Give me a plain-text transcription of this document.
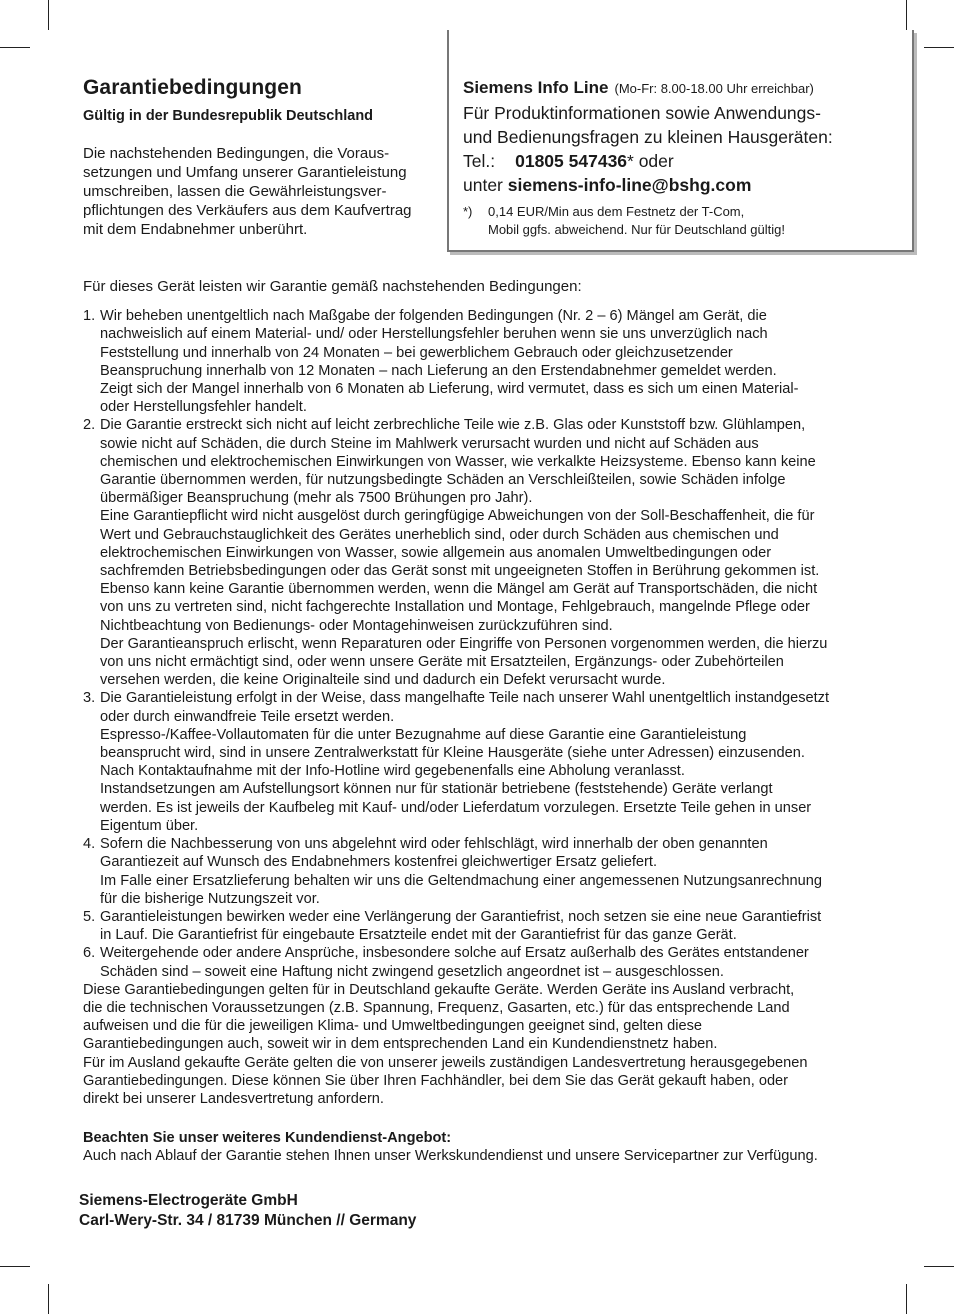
Garantiebedingungen

Gültig in der Bundesrepublik Deutschland

Die nachstehenden Bedingungen, die Voraus-
setzungen und Umfang unserer Garantieleistung
umschreiben, lassen die Gewährleistungsver-
pflichtungen des Verkäufers aus dem Kaufvertrag
mit dem Endabnehmer unberührt.

Siemens Info Line (Mo-Fr: 8.00-18.00 Uhr erreichbar)

Für Produktinformationen sowie Anwendungs-
und Bedienungsfragen zu kleinen Hausgeräten:

Tel.: 01805 547436* oder

unter siemens-info-line@bshg.com

*)	0,14 EUR/Min aus dem Festnetz der T-Com,
Mobil ggfs. abweichend. Nur für Deutschland gültig!

Für dieses Gerät leisten wir Garantie gemäß nachstehenden Bedingungen:

1. Wir beheben unentgeltlich nach Maßgabe der folgenden Bedingungen (Nr. 2 – 6) Mängel am Gerät, die
nachweislich auf einem Material- und/ oder Herstellungsfehler beruhen wenn sie uns unverzüglich nach
Feststellung und innerhalb von 24 Monaten – bei gewerblichem Gebrauch oder gleichzusetzender
Beanspruchung innerhalb von 12 Monaten – nach Lieferung an den Erstendabnehmer gemeldet werden.
Zeigt sich der Mangel innerhalb von 6 Monaten ab Lieferung, wird vermutet, dass es sich um einen Material-
oder Herstellungsfehler handelt.
2. Die Garantie erstreckt sich nicht auf leicht zerbrechliche Teile wie z.B. Glas oder Kunststoff bzw. Glühlampen,
sowie nicht auf Schäden, die durch Steine im Mahlwerk verursacht wurden und nicht auf Schäden aus
chemischen und elektrochemischen Einwirkungen von Wasser, wie verkalkte Heizsysteme. Ebenso kann keine
Garantie übernommen werden, für nutzungsbedingte Schäden an Verschleißteilen, sowie Schäden infolge
übermäßiger Beanspruchung (mehr als 7500 Brühungen pro Jahr).
Eine Garantiepflicht wird nicht ausgelöst durch geringfügige Abweichungen von der Soll-Beschaffenheit, die für
Wert und Gebrauchstauglichkeit des Gerätes unerheblich sind, oder durch Schäden aus chemischen und
elektrochemischen Einwirkungen von Wasser, sowie allgemein aus anomalen Umweltbedingungen oder
sachfremden Betriebsbedingungen oder das Gerät sonst mit ungeeigneten Stoffen in Berührung gekommen ist.
Ebenso kann keine Garantie übernommen werden, wenn die Mängel am Gerät auf Transportschäden, die nicht
von uns zu vertreten sind, nicht fachgerechte Installation und Montage, Fehlgebrauch, mangelnde Pflege oder
Nichtbeachtung von Bedienungs- oder Montagehinweisen zurückzuführen sind.
Der Garantieanspruch erlischt, wenn Reparaturen oder Eingriffe von Personen vorgenommen werden, die hierzu
von uns nicht ermächtigt sind, oder wenn unsere Geräte mit Ersatzteilen, Ergänzungs- oder Zubehörteilen
versehen werden, die keine Originalteile sind und dadurch ein Defekt verursacht wurde.
3. Die Garantieleistung erfolgt in der Weise, dass mangelhafte Teile nach unserer Wahl unentgeltlich instandgesetzt
oder durch einwandfreie Teile ersetzt werden.
Espresso-/Kaffee-Vollautomaten für die unter Bezugnahme auf diese Garantie eine Garantieleistung
beansprucht wird, sind in unsere Zentralwerkstatt für Kleine Hausgeräte (siehe unter Adressen) einzusenden.
Nach Kontaktaufnahme mit der Info-Hotline wird gegebenenfalls eine Abholung veranlasst.
Instandsetzungen am Aufstellungsort können nur für stationär betriebene (feststehende) Geräte verlangt
werden. Es ist jeweils der Kaufbeleg mit Kauf- und/oder Lieferdatum vorzulegen. Ersetzte Teile gehen in unser
Eigentum über.
4. Sofern die Nachbesserung von uns abgelehnt wird oder fehlschlägt, wird innerhalb der oben genannten
Garantiezeit auf Wunsch des Endabnehmers kostenfrei gleichwertiger Ersatz geliefert.
Im Falle einer Ersatzlieferung behalten wir uns die Geltendmachung einer angemessenen Nutzungsanrechnung
für die bisherige Nutzungszeit vor.
5. Garantieleistungen bewirken weder eine Verlängerung der Garantiefrist, noch setzen sie eine neue Garantiefrist
in Lauf. Die Garantiefrist für eingebaute Ersatzteile endet mit der Garantiefrist für das ganze Gerät.
6. Weitergehende oder andere Ansprüche, insbesondere solche auf Ersatz außerhalb des Gerätes entstandener
Schäden sind – soweit eine Haftung nicht zwingend gesetzlich angeordnet ist – ausgeschlossen.

Diese Garantiebedingungen gelten für in Deutschland gekaufte Geräte. Werden Geräte ins Ausland verbracht,
die die technischen Voraussetzungen (z.B. Spannung, Frequenz, Gasarten, etc.) für das entsprechende Land
aufweisen und die für die jeweiligen Klima- und Umweltbedingungen geeignet sind, gelten diese
Garantiebedingungen auch, soweit wir in dem entsprechenden Land ein Kundendienstnetz haben.
Für im Ausland gekaufte Geräte gelten die von unserer jeweils zuständigen Landesvertretung herausgegebenen
Garantiebedingungen. Diese können Sie über Ihren Fachhändler, bei dem Sie das Gerät gekauft haben, oder
direkt bei unserer Landesvertretung anfordern.

Beachten Sie unser weiteres Kundendienst-Angebot:

Auch nach Ablauf der Garantie stehen Ihnen unser Werkskundendienst und unsere Servicepartner zur Verfügung.

Siemens-Electrogeräte GmbH

Carl-Wery-Str. 34 / 81739 München // Germany
